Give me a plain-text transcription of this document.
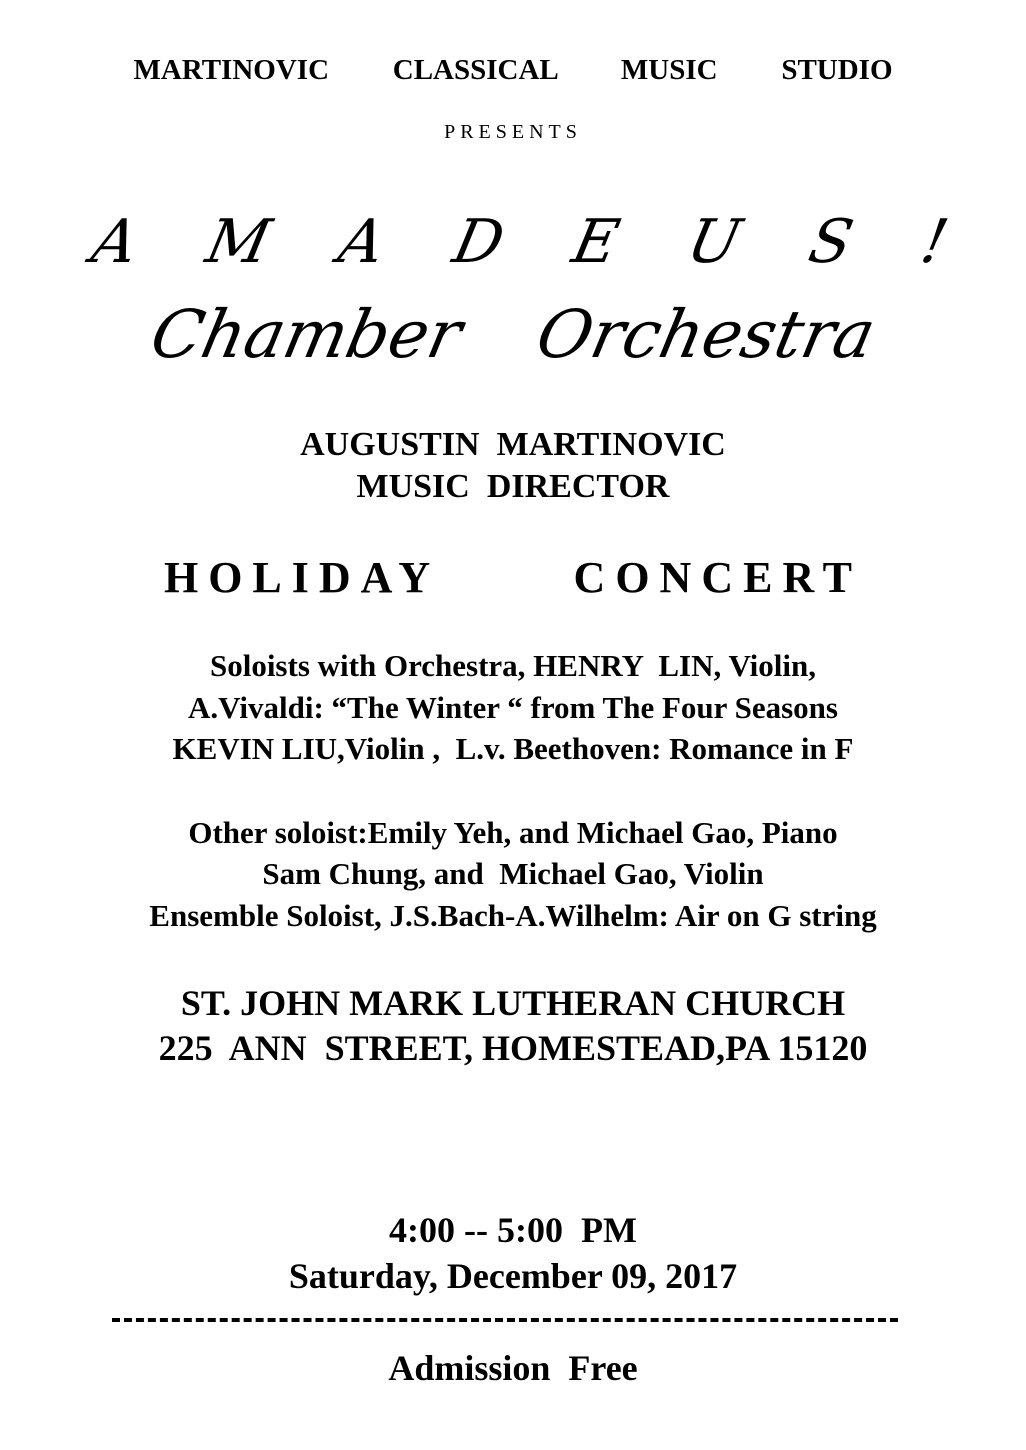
MARTINOVIC   CLASSICAL   MUSIC   STUDIO
PRESENTS
A M A D E U S !
Chamber  Orchestra
AUGUSTIN  MARTINOVIC
MUSIC  DIRECTOR
HOLIDAY   CONCERT
Soloists with Orchestra, HENRY  LIN, Violin,
A.Vivaldi: “The Winter “ from The Four Seasons
KEVIN LIU,Violin ,  L.v. Beethoven: Romance in F
Other soloist:Emily Yeh, and Michael Gao, Piano
Sam Chung, and  Michael Gao, Violin
Ensemble Soloist, J.S.Bach-A.Wilhelm: Air on G string
ST. JOHN MARK LUTHERAN CHURCH
225  ANN  STREET, HOMESTEAD,PA 15120
4:00 -- 5:00  PM
Saturday, December 09, 2017
Admission  Free
